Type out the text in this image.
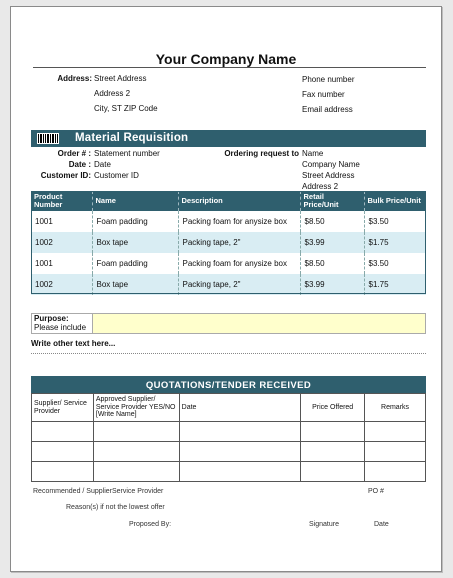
Your Company Name
Address: Street Address
Address 2
City, ST ZIP Code
Phone number
Fax number
Email address
Material Requisition
Order # : Statement number
Date : Date
Customer ID: Customer ID
Ordering request to Name
Company Name
Street Address
Address 2
Product Number	Name	Description	Retail Price/Unit	Bulk Price/Unit
1001	Foam padding	Packing foam for anysize box	$8.50	$3.50
1002	Box tape	Packing tape, 2"	$3.99	$1.75
1001	Foam padding	Packing foam for anysize box	$8.50	$3.50
1002	Box tape	Packing tape, 2"	$3.99	$1.75
Purpose:
Please include
Write other text here...
QUOTATIONS/TENDER RECEIVED
Supplier/ Service Provider	Approved Supplier/ Service Provider YES/NO [Write Name]	Date	Price Offered	Remarks

Recommended / SupplierService Provider	PO #
Reason(s) if not the lowest offer
Proposed By:	Signature	Date
